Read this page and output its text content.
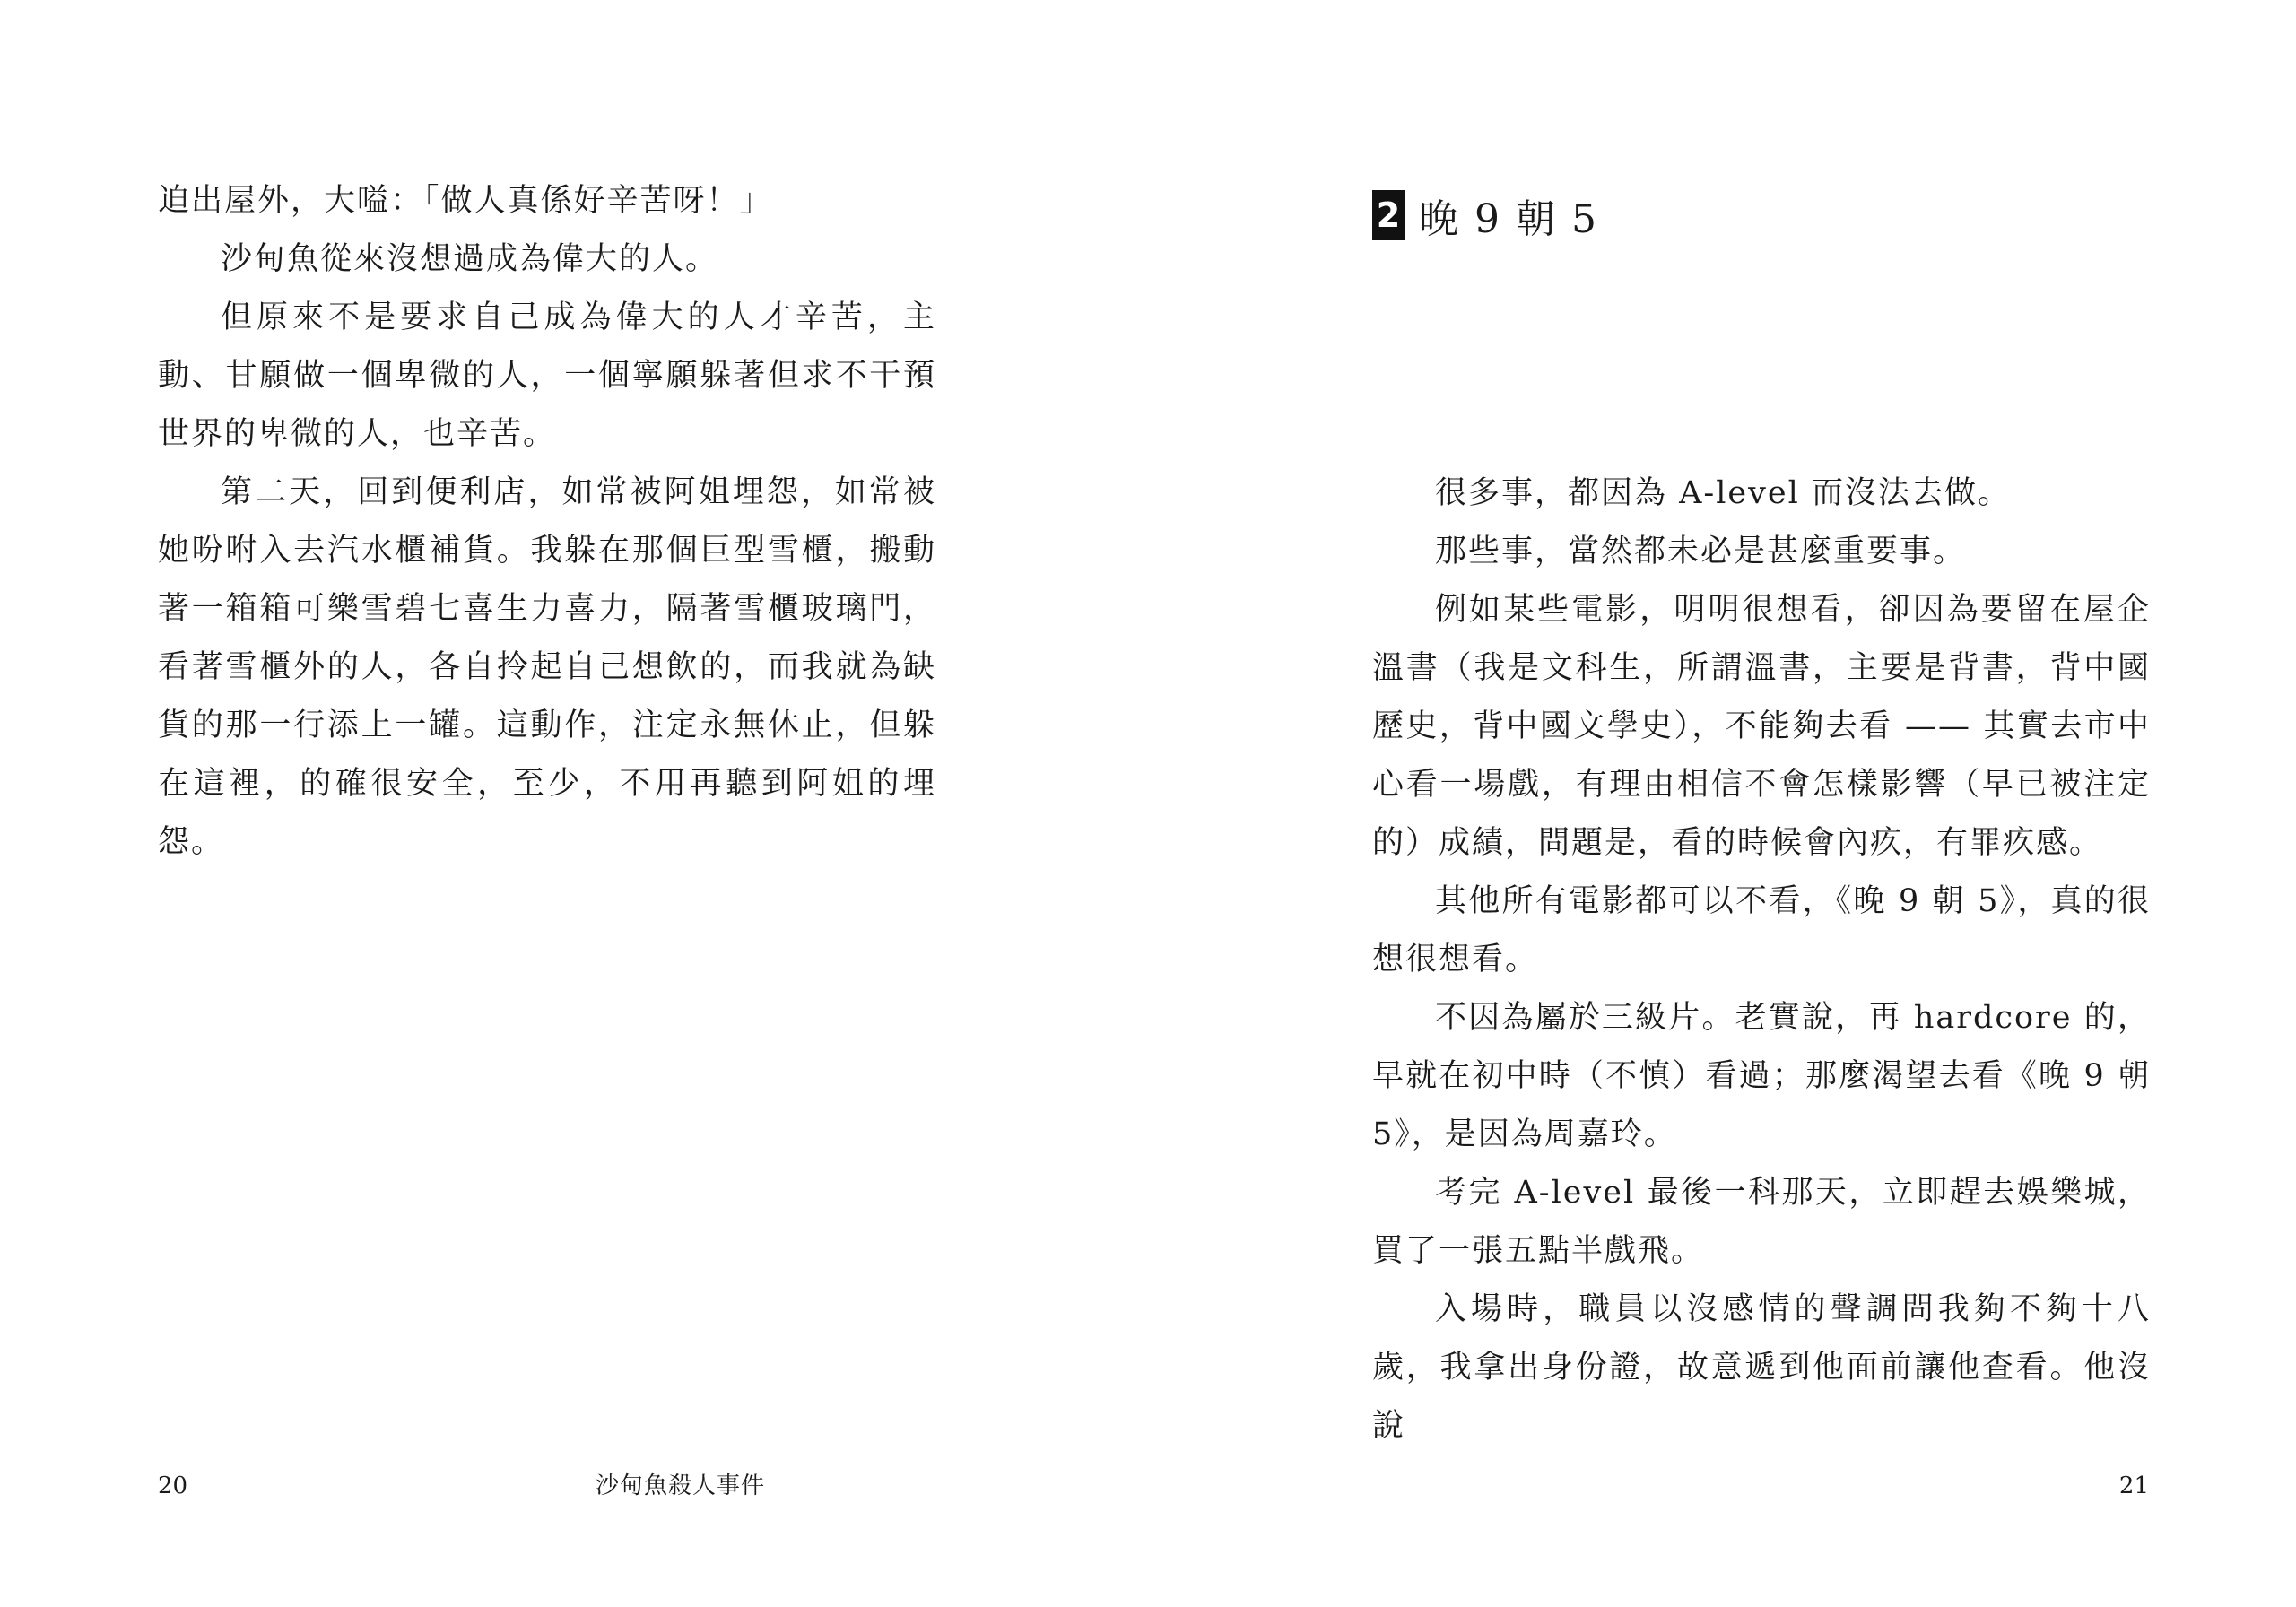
迫出屋外，大嗌：「做人真係好辛苦呀！」

沙甸魚從來沒想過成為偉大的人。

但原來不是要求自己成為偉大的人才辛苦，主動、甘願做一個卑微的人，一個寧願躲著但求不干預世界的卑微的人，也辛苦。

第二天，回到便利店，如常被阿姐埋怨，如常被她吩咐入去汽水櫃補貨。我躲在那個巨型雪櫃，搬動著一箱箱可樂雪碧七喜生力喜力，隔著雪櫃玻璃門，看著雪櫃外的人，各自拎起自己想飲的，而我就為缺貨的那一行添上一罐。這動作，注定永無休止，但躲在這裡，的確很安全，至少，不用再聽到阿姐的埋怨。

20	沙甸魚殺人事件
2 晚 9 朝 5

很多事，都因為 A-level 而沒法去做。

那些事，當然都未必是甚麼重要事。

例如某些電影，明明很想看，卻因為要留在屋企溫書（我是文科生，所謂溫書，主要是背書，背中國歷史，背中國文學史），不能夠去看 —— 其實去市中心看一場戲，有理由相信不會怎樣影響（早已被注定的）成績，問題是，看的時候會內疚，有罪疚感。

其他所有電影都可以不看，《晚 9 朝 5》，真的很想很想看。

不因為屬於三級片。老實說，再 hardcore 的，早就在初中時（不慎）看過；那麼渴望去看《晚 9 朝 5》，是因為周嘉玲。

考完 A-level 最後一科那天，立即趕去娛樂城，買了一張五點半戲飛。

入場時，職員以沒感情的聲調問我夠不夠十八歲，我拿出身份證，故意遞到他面前讓他查看。他沒說

21
